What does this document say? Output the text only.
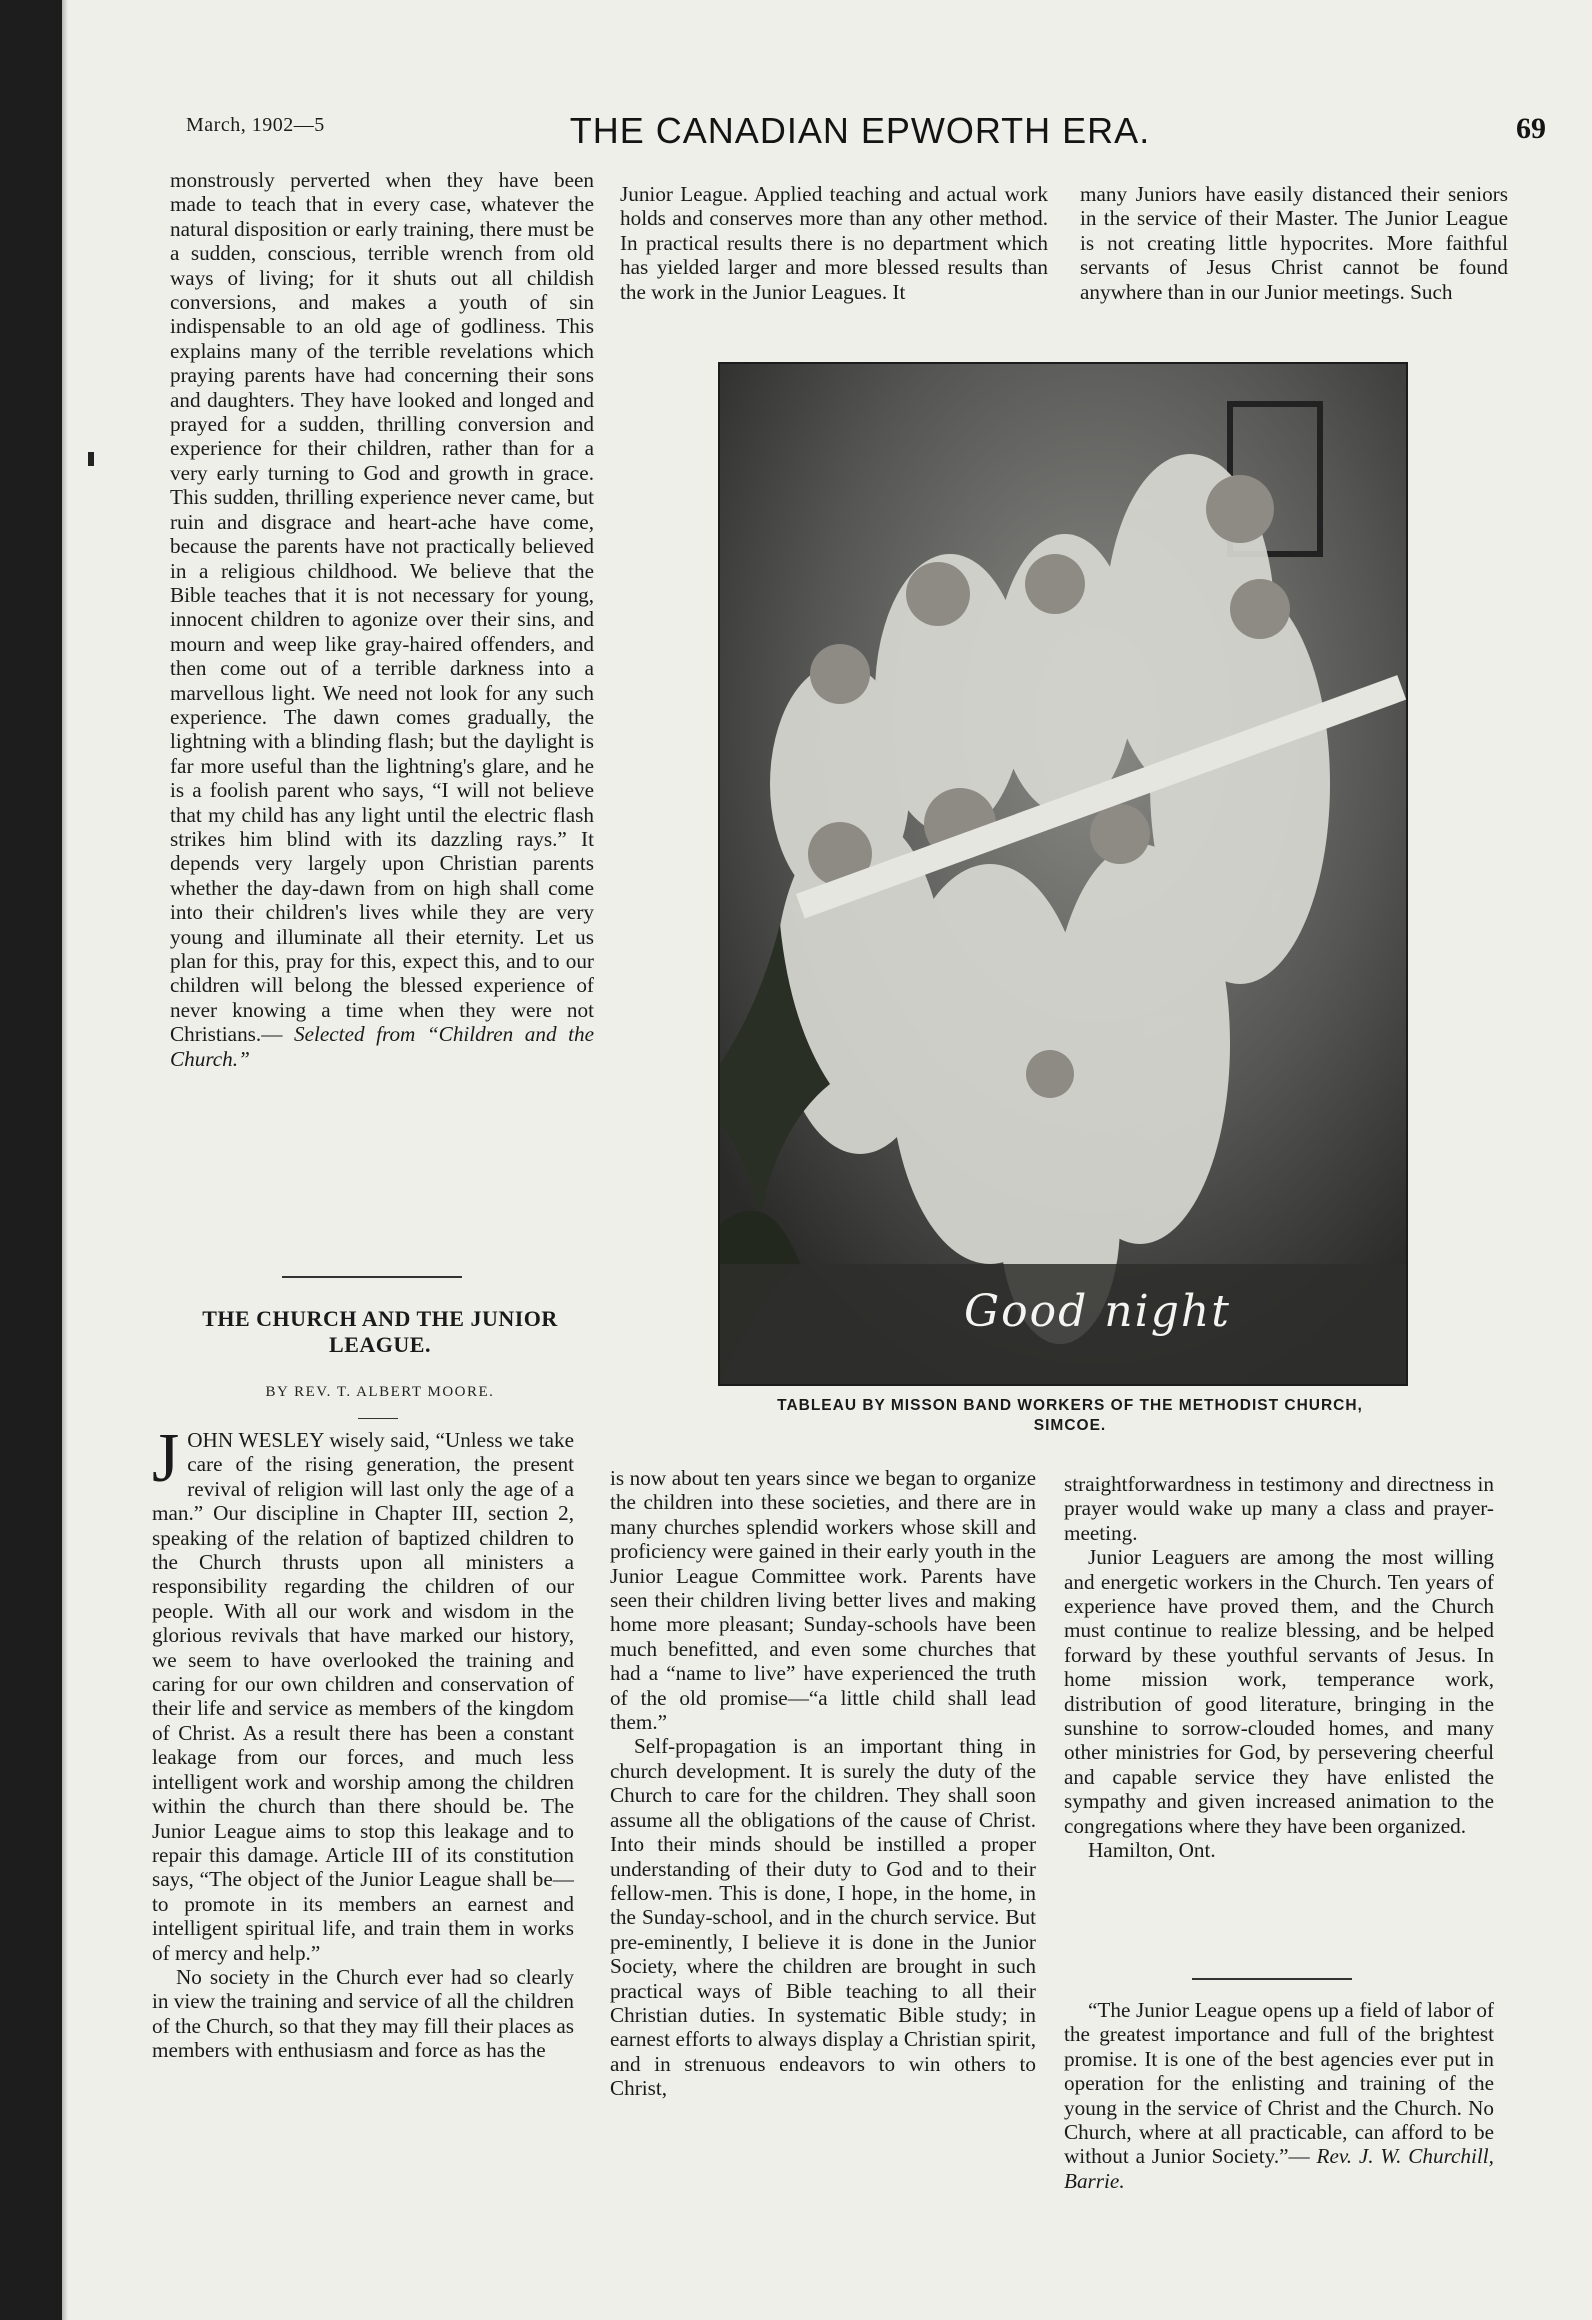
March, 1902—5	THE CANADIAN EPWORTH ERA.	69

monstrously perverted when they have been made to teach that in every case, whatever the natural disposition or early training, there must be a sudden, conscious, terrible wrench from old ways of living; for it shuts out all childish conversions, and makes a youth of sin indispensable to an old age of godliness. This explains many of the terrible revelations which praying parents have had concerning their sons and daughters. They have looked and longed and prayed for a sudden, thrilling conversion and experience for their children, rather than for a very early turning to God and growth in grace. This sudden, thrilling experience never came, but ruin and disgrace and heart-ache have come, because the parents have not practically believed in a religious childhood. We believe that the Bible teaches that it is not necessary for young, innocent children to agonize over their sins, and mourn and weep like gray-haired offenders, and then come out of a terrible darkness into a marvellous light. We need not look for any such experience. The dawn comes gradually, the lightning with a blinding flash; but the daylight is far more useful than the lightning's glare, and he is a foolish parent who says, “I will not believe that my child has any light until the electric flash strikes him blind with its dazzling rays.” It depends very largely upon Christian parents whether the day-dawn from on high shall come into their children's lives while they are very young and illuminate all their eternity. Let us plan for this, pray for this, expect this, and to our children will belong the blessed experience of never knowing a time when they were not Christians.— Selected from “Children and the Church.”

Junior League. Applied teaching and actual work holds and conserves more than any other method. In practical results there is no department which has yielded larger and more blessed results than the work in the Junior Leagues. It

many Juniors have easily distanced their seniors in the service of their Master. The Junior League is not creating little hypocrites. More faithful servants of Jesus Christ cannot be found anywhere than in our Junior meetings. Such

Good night
TABLEAU BY MISSON BAND WORKERS OF THE METHODIST CHURCH, SIMCOE.
THE CHURCH AND THE JUNIOR LEAGUE.
BY REV. T. ALBERT MOORE.

JOHN WESLEY wisely said, “Unless we take care of the rising generation, the present revival of religion will last only the age of a man.” Our discipline in Chapter III, section 2, speaking of the relation of baptized children to the Church thrusts upon all ministers a responsibility regarding the children of our people. With all our work and wisdom in the glorious revivals that have marked our history, we seem to have overlooked the training and caring for our own children and conservation of their life and service as members of the kingdom of Christ. As a result there has been a constant leakage from our forces, and much less intelligent work and worship among the children within the church than there should be. The Junior League aims to stop this leakage and to repair this damage. Article III of its constitution says, “The object of the Junior League shall be—to promote in its members an earnest and intelligent spiritual life, and train them in works of mercy and help.”

No society in the Church ever had so clearly in view the training and service of all the children of the Church, so that they may fill their places as members with enthusiasm and force as has the

is now about ten years since we began to organize the children into these societies, and there are in many churches splendid workers whose skill and proficiency were gained in their early youth in the Junior League Committee work. Parents have seen their children living better lives and making home more pleasant; Sunday-schools have been much benefitted, and even some churches that had a “name to live” have experienced the truth of the old promise—“a little child shall lead them.”

Self-propagation is an important thing in church development. It is surely the duty of the Church to care for the children. They shall soon assume all the obligations of the cause of Christ. Into their minds should be instilled a proper understanding of their duty to God and to their fellow-men. This is done, I hope, in the home, in the Sunday-school, and in the church service. But pre-eminently, I believe it is done in the Junior Society, where the children are brought in such practical ways of Bible teaching to all their Christian duties. In systematic Bible study; in earnest efforts to always display a Christian spirit, and in strenuous endeavors to win others to Christ,

straightforwardness in testimony and directness in prayer would wake up many a class and prayer-meeting.

Junior Leaguers are among the most willing and energetic workers in the Church. Ten years of experience have proved them, and the Church must continue to realize blessing, and be helped forward by these youthful servants of Jesus. In home mission work, temperance work, distribution of good literature, bringing in the sunshine to sorrow-clouded homes, and many other ministries for God, by persevering cheerful and capable service they have enlisted the sympathy and given increased animation to the congregations where they have been organized.

Hamilton, Ont.

“The Junior League opens up a field of labor of the greatest importance and full of the brightest promise. It is one of the best agencies ever put in operation for the enlisting and training of the young in the service of Christ and the Church. No Church, where at all practicable, can afford to be without a Junior Society.”— Rev. J. W. Churchill, Barrie.
